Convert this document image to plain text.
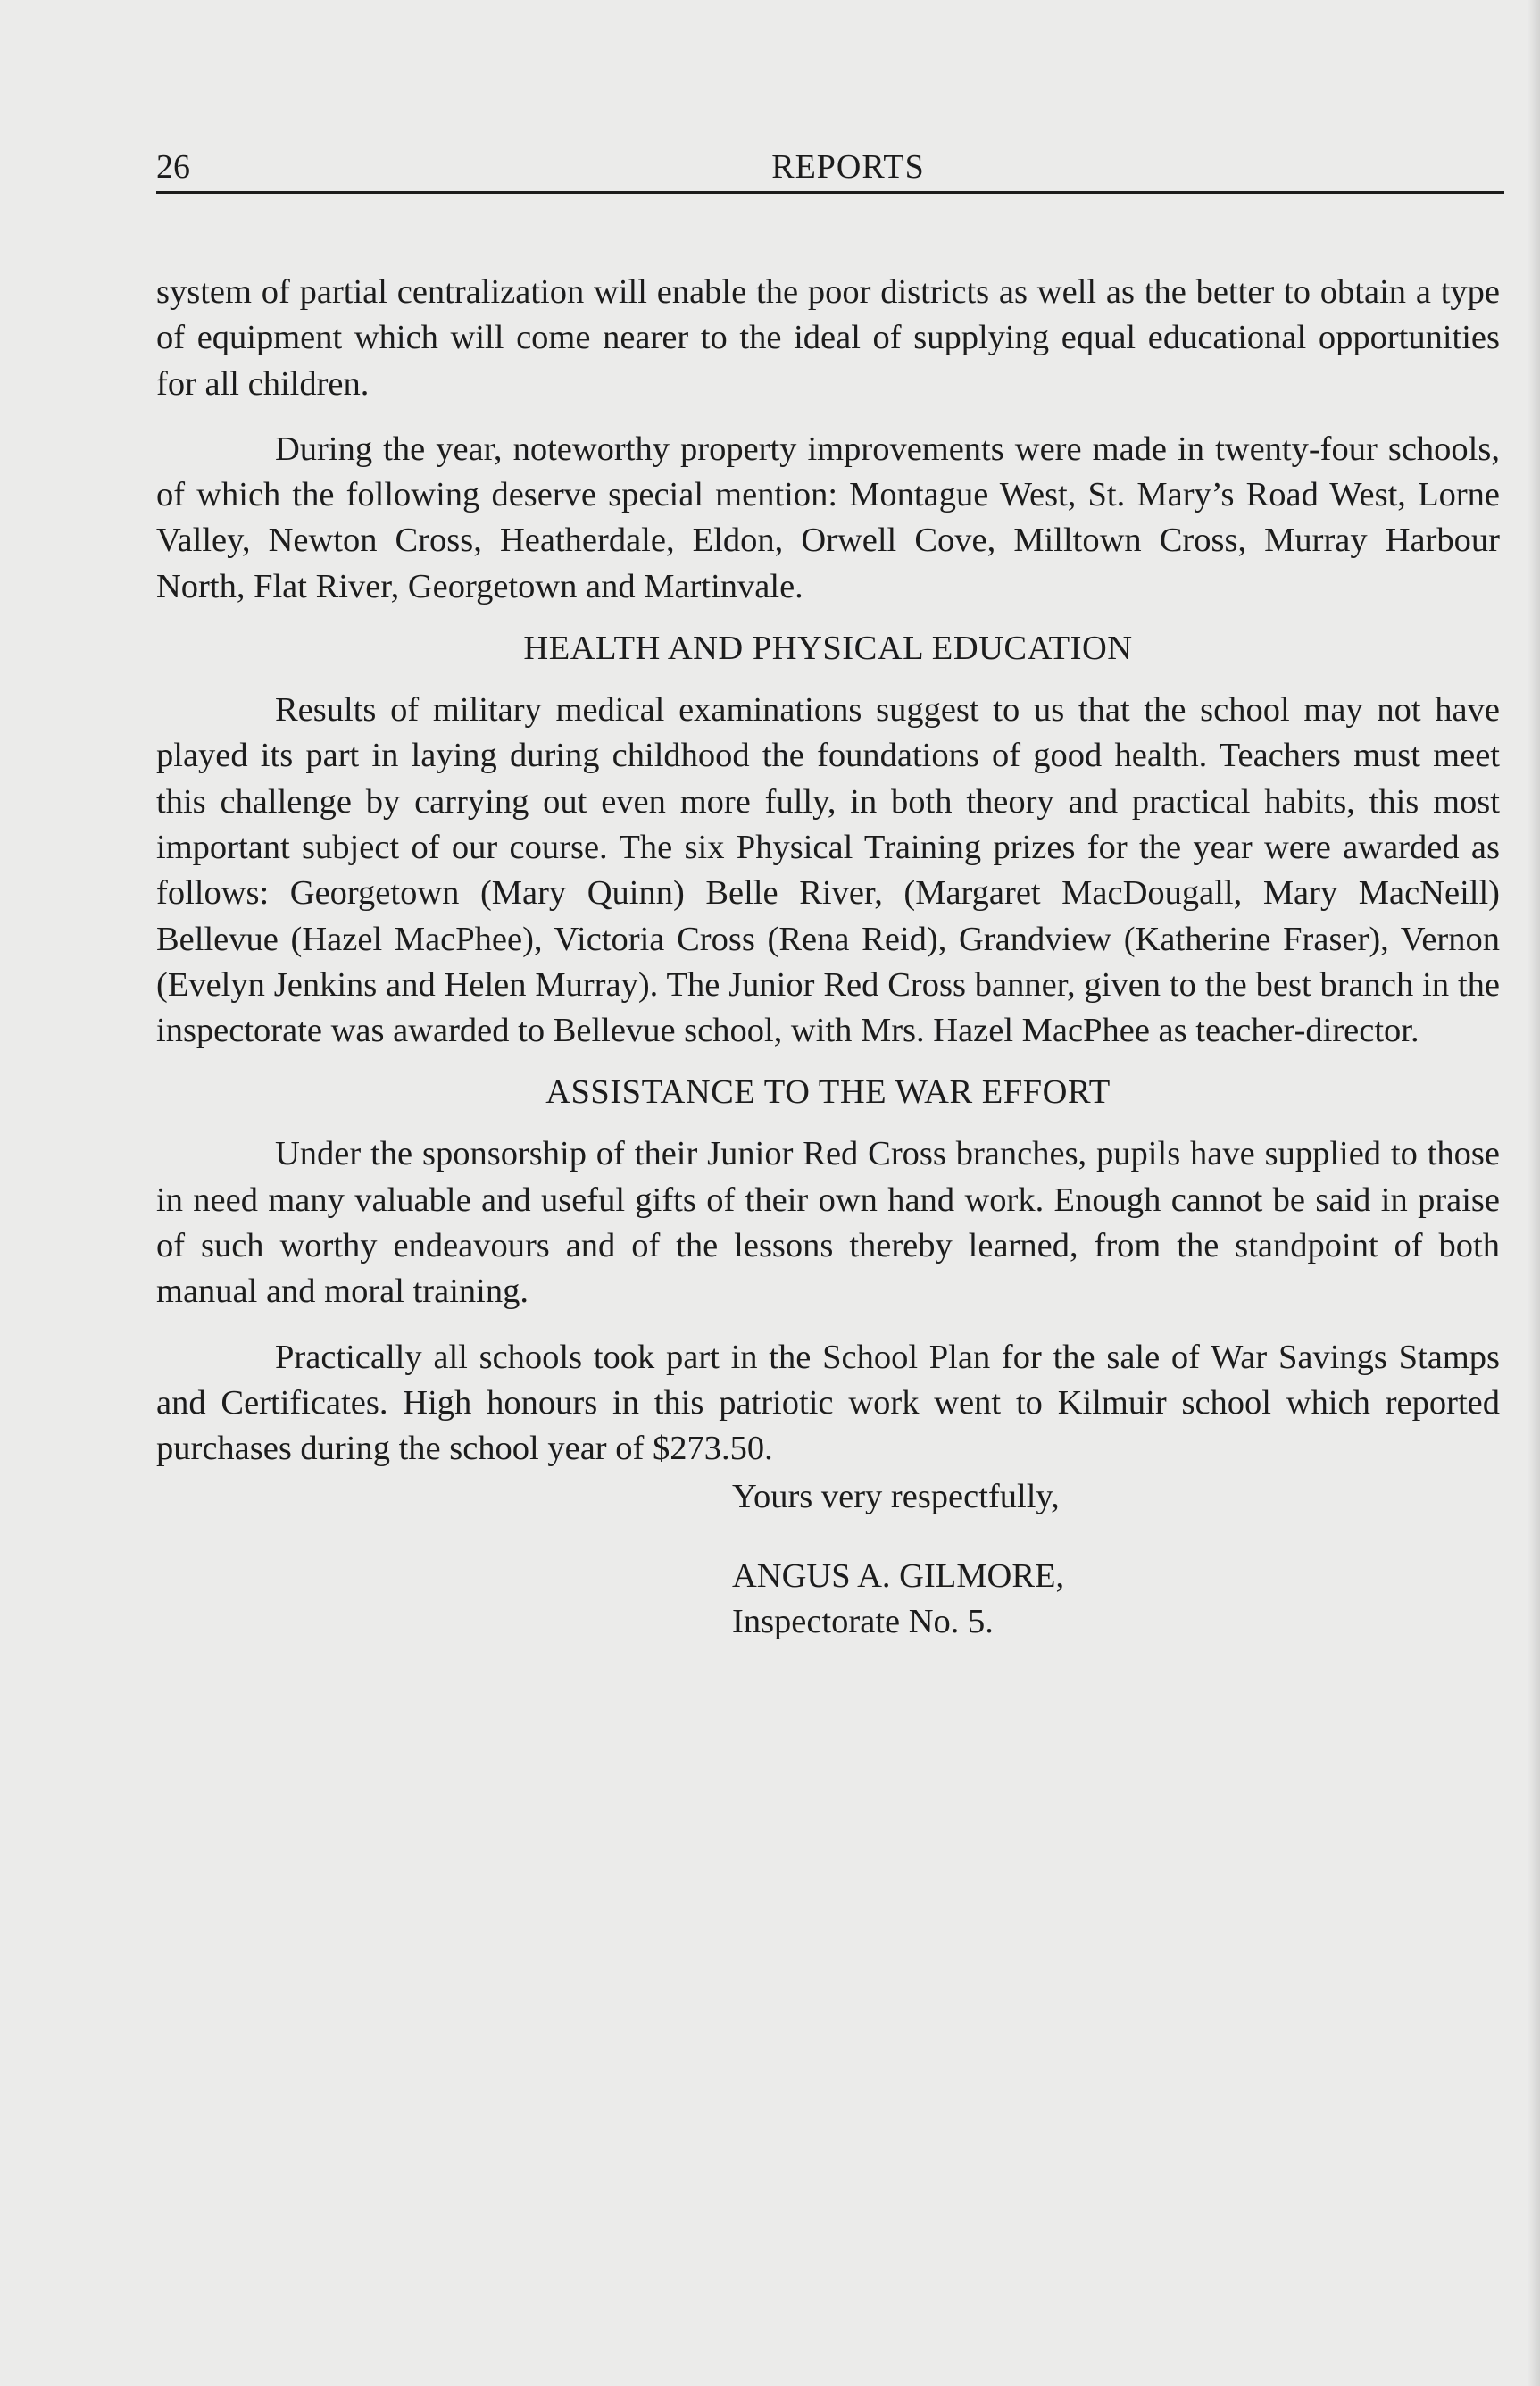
26	REPORTS

system of partial centralization will enable the poor districts as well as the better to obtain a type of equipment which will come nearer to the ideal of supplying equal educational opportunities for all children.

During the year, noteworthy property improvements were made in twenty-four schools, of which the following deserve special mention: Montague West, St. Mary’s Road West, Lorne Valley, Newton Cross, Heatherdale, Eldon, Orwell Cove, Milltown Cross, Murray Harbour North, Flat River, Georgetown and Martinvale.

HEALTH AND PHYSICAL EDUCATION

Results of military medical examinations suggest to us that the school may not have played its part in laying during childhood the foundations of good health. Teachers must meet this challenge by carrying out even more fully, in both theory and practical habits, this most important subject of our course. The six Physical Training prizes for the year were awarded as follows: Georgetown (Mary Quinn) Belle River, (Margaret MacDougall, Mary MacNeill) Bellevue (Hazel MacPhee), Victoria Cross (Rena Reid), Grandview (Katherine Fraser), Vernon (Evelyn Jenkins and Helen Murray). The Junior Red Cross banner, given to the best branch in the inspectorate was awarded to Bellevue school, with Mrs. Hazel MacPhee as teacher-director.

ASSISTANCE TO THE WAR EFFORT

Under the sponsorship of their Junior Red Cross branches, pupils have supplied to those in need many valuable and useful gifts of their own hand work. Enough cannot be said in praise of such worthy endeavours and of the lessons thereby learned, from the standpoint of both manual and moral training.

Practically all schools took part in the School Plan for the sale of War Savings Stamps and Certificates. High honours in this patriotic work went to Kilmuir school which reported purchases during the school year of $273.50.

Yours very respectfully,
ANGUS A. GILMORE,
Inspectorate No. 5.
